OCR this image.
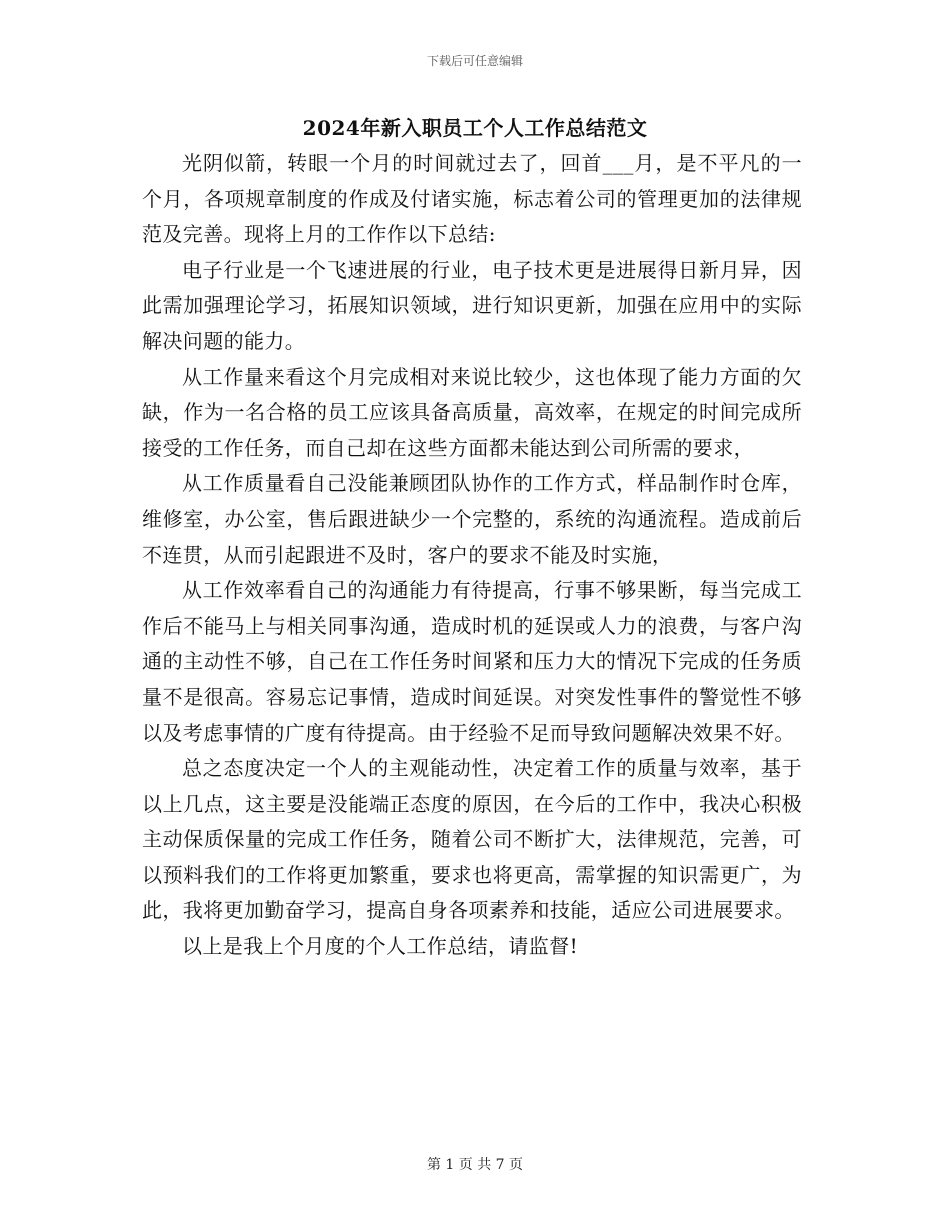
下载后可任意编辑
2024年新入职员工个人工作总结范文

光阴似箭，转眼一个月的时间就过去了，回首___月，是不平凡的一个月，各项规章制度的作成及付诸实施，标志着公司的管理更加的法律规范及完善。现将上月的工作作以下总结:

电子行业是一个飞速进展的行业，电子技术更是进展得日新月异，因此需加强理论学习，拓展知识领域，进行知识更新，加强在应用中的实际解决问题的能力。

从工作量来看这个月完成相对来说比较少，这也体现了能力方面的欠缺，作为一名合格的员工应该具备高质量，高效率，在规定的时间完成所接受的工作任务，而自己却在这些方面都未能达到公司所需的要求，

从工作质量看自己没能兼顾团队协作的工作方式，样品制作时仓库，维修室，办公室，售后跟进缺少一个完整的，系统的沟通流程。造成前后不连贯，从而引起跟进不及时，客户的要求不能及时实施，

从工作效率看自己的沟通能力有待提高，行事不够果断，每当完成工作后不能马上与相关同事沟通，造成时机的延误或人力的浪费，与客户沟通的主动性不够，自己在工作任务时间紧和压力大的情况下完成的任务质量不是很高。容易忘记事情，造成时间延误。对突发性事件的警觉性不够以及考虑事情的广度有待提高。由于经验不足而导致问题解决效果不好。

总之态度决定一个人的主观能动性，决定着工作的质量与效率，基于以上几点，这主要是没能端正态度的原因，在今后的工作中，我决心积极主动保质保量的完成工作任务，随着公司不断扩大，法律规范，完善，可以预料我们的工作将更加繁重，要求也将更高，需掌握的知识需更广，为此，我将更加勤奋学习，提高自身各项素养和技能，适应公司进展要求。

以上是我上个月度的个人工作总结，请监督!

第 1 页 共 7 页
